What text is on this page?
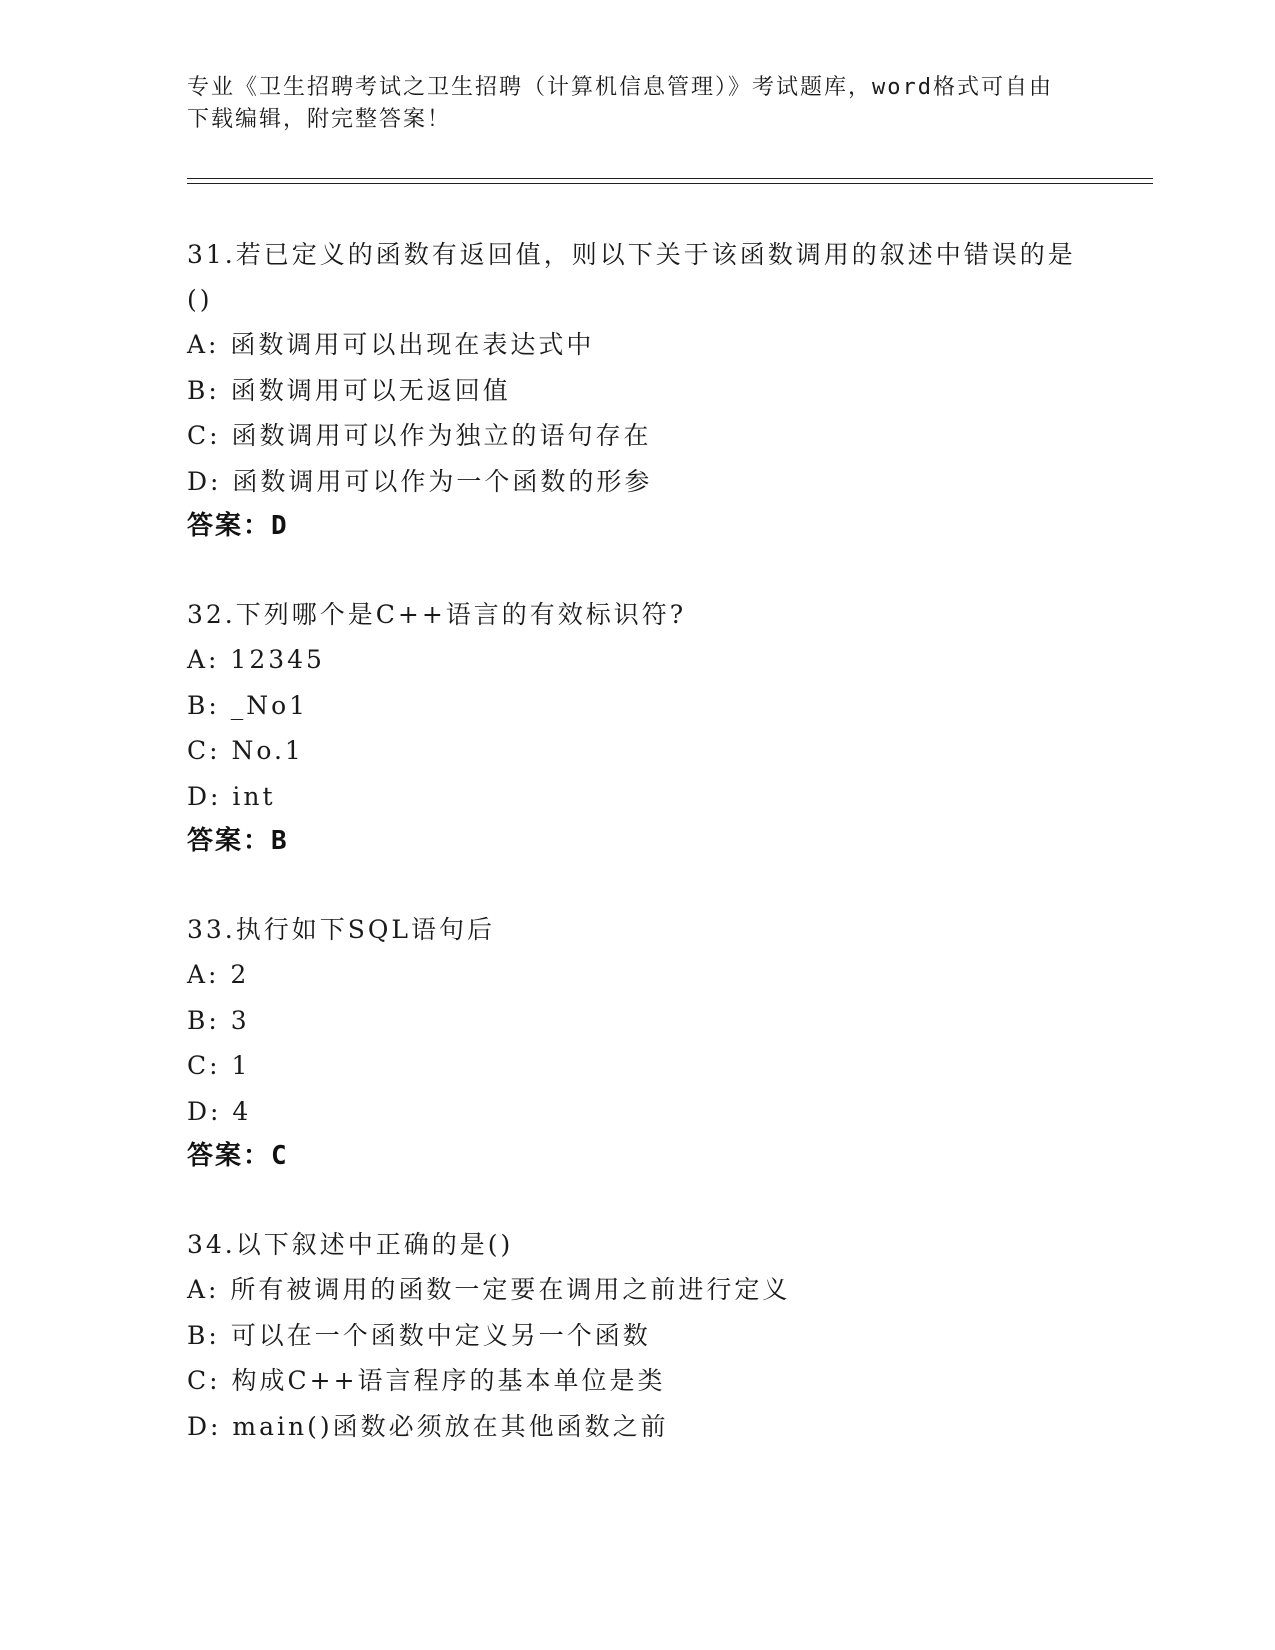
专业《卫生招聘考试之卫生招聘（计算机信息管理）》考试题库，word格式可自由下载编辑，附完整答案！
31.若已定义的函数有返回值，则以下关于该函数调用的叙述中错误的是()
A: 函数调用可以出现在表达式中
B: 函数调用可以无返回值
C: 函数调用可以作为独立的语句存在
D: 函数调用可以作为一个函数的形参
答案：D
32.下列哪个是C++语言的有效标识符?
A: 12345
B: _No1
C: No.1
D: int
答案：B
33.执行如下SQL语句后
A: 2
B: 3
C: 1
D: 4
答案：C
34.以下叙述中正确的是()
A: 所有被调用的函数一定要在调用之前进行定义
B: 可以在一个函数中定义另一个函数
C: 构成C++语言程序的基本单位是类
D: main()函数必须放在其他函数之前
